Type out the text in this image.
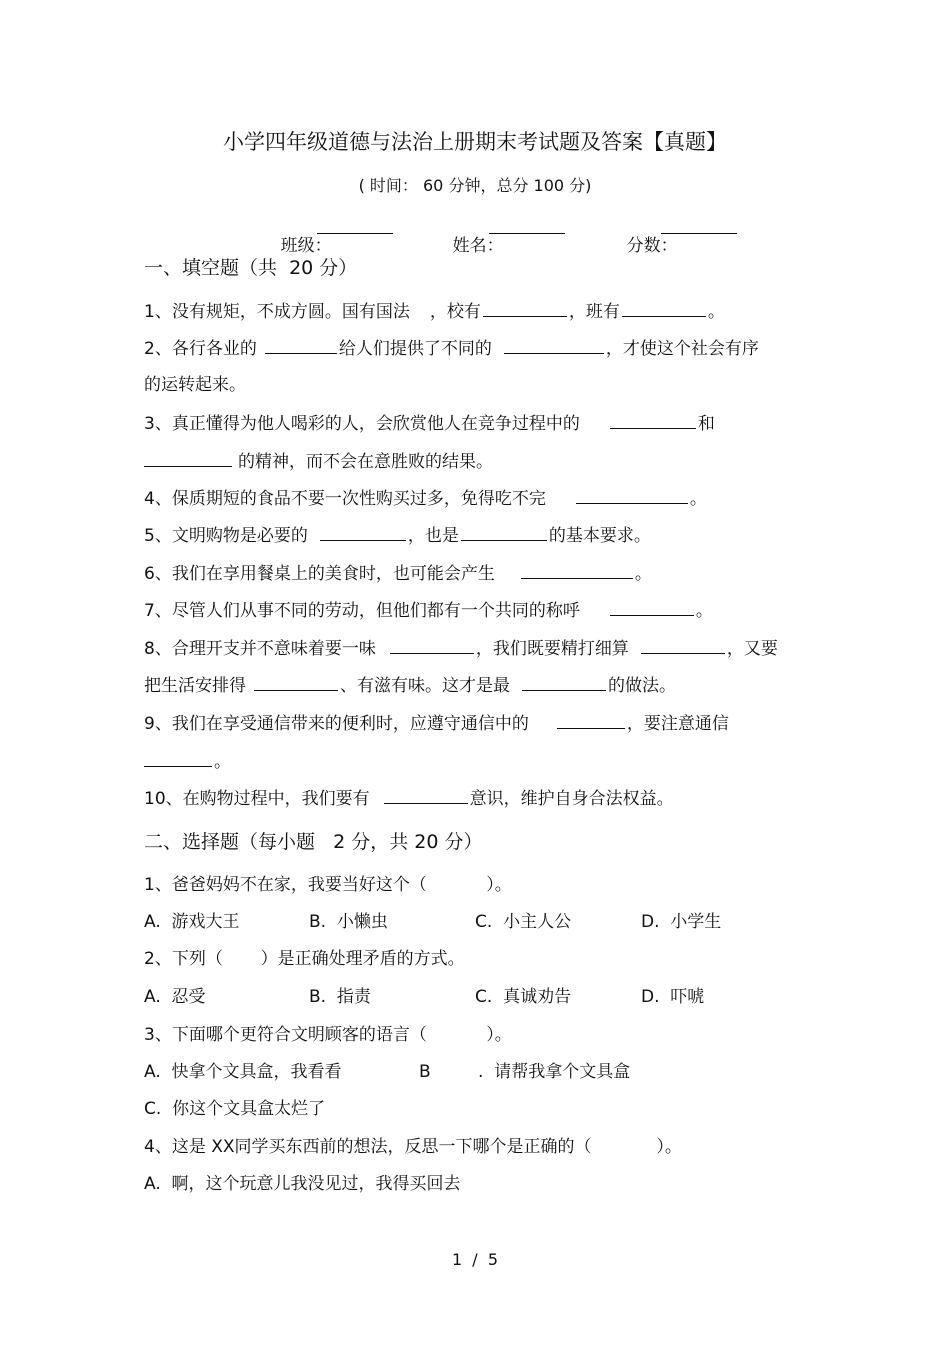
小学四年级道德与法治上册期末考试题及答案【真题】
( 时间： 60 分钟，总分 100 分)

班级：

	姓名：

	分数：

一、填空题（共  20 分）
1、没有规矩，不成方圆。国有国法 ，校有	，班有	。
2、各行各业的	给人们提供了不同的	，才使这个社会有序
的运转起来。
3、真正懂得为他人喝彩的人，会欣赏他人在竞争过程中的	和
的精神，而不会在意胜败的结果。
4、保质期短的食品不要一次性购买过多，免得吃不完	。
5、文明购物是必要的	，也是	的基本要求。
6、我们在享用餐桌上的美食时，也可能会产生	。
7、尽管人们从事不同的劳动，但他们都有一个共同的称呼	。
8、合理开支并不意味着要一味	，我们既要精打细算	，又要
把生活安排得	、有滋有味。这才是最	的做法。
9、我们在享受通信带来的便利时，应遵守通信中的	，要注意通信
。
10、在购物过程中，我们要有	意识，维护自身合法权益。
二、选择题（每小题   2 分，共 20 分）
1、爸爸妈妈不在家，我要当好这个（           ）。
A.  游戏大王	B.  小懒虫	C.  小主人公	D.  小学生
2、下列（       ）是正确处理矛盾的方式。
A.  忍受	B.  指责	C.  真诚劝告	D.  吓唬
3、下面哪个更符合文明顾客的语言（           ）。
A.  快拿个文具盒，我看看	B	.  请帮我拿个文具盒
C.  你这个文具盒太烂了
4、这是 XX同学买东西前的想法，反思一下哪个是正确的（            ）。
A.  啊，这个玩意儿我没见过，我得买回去
1  /  5
